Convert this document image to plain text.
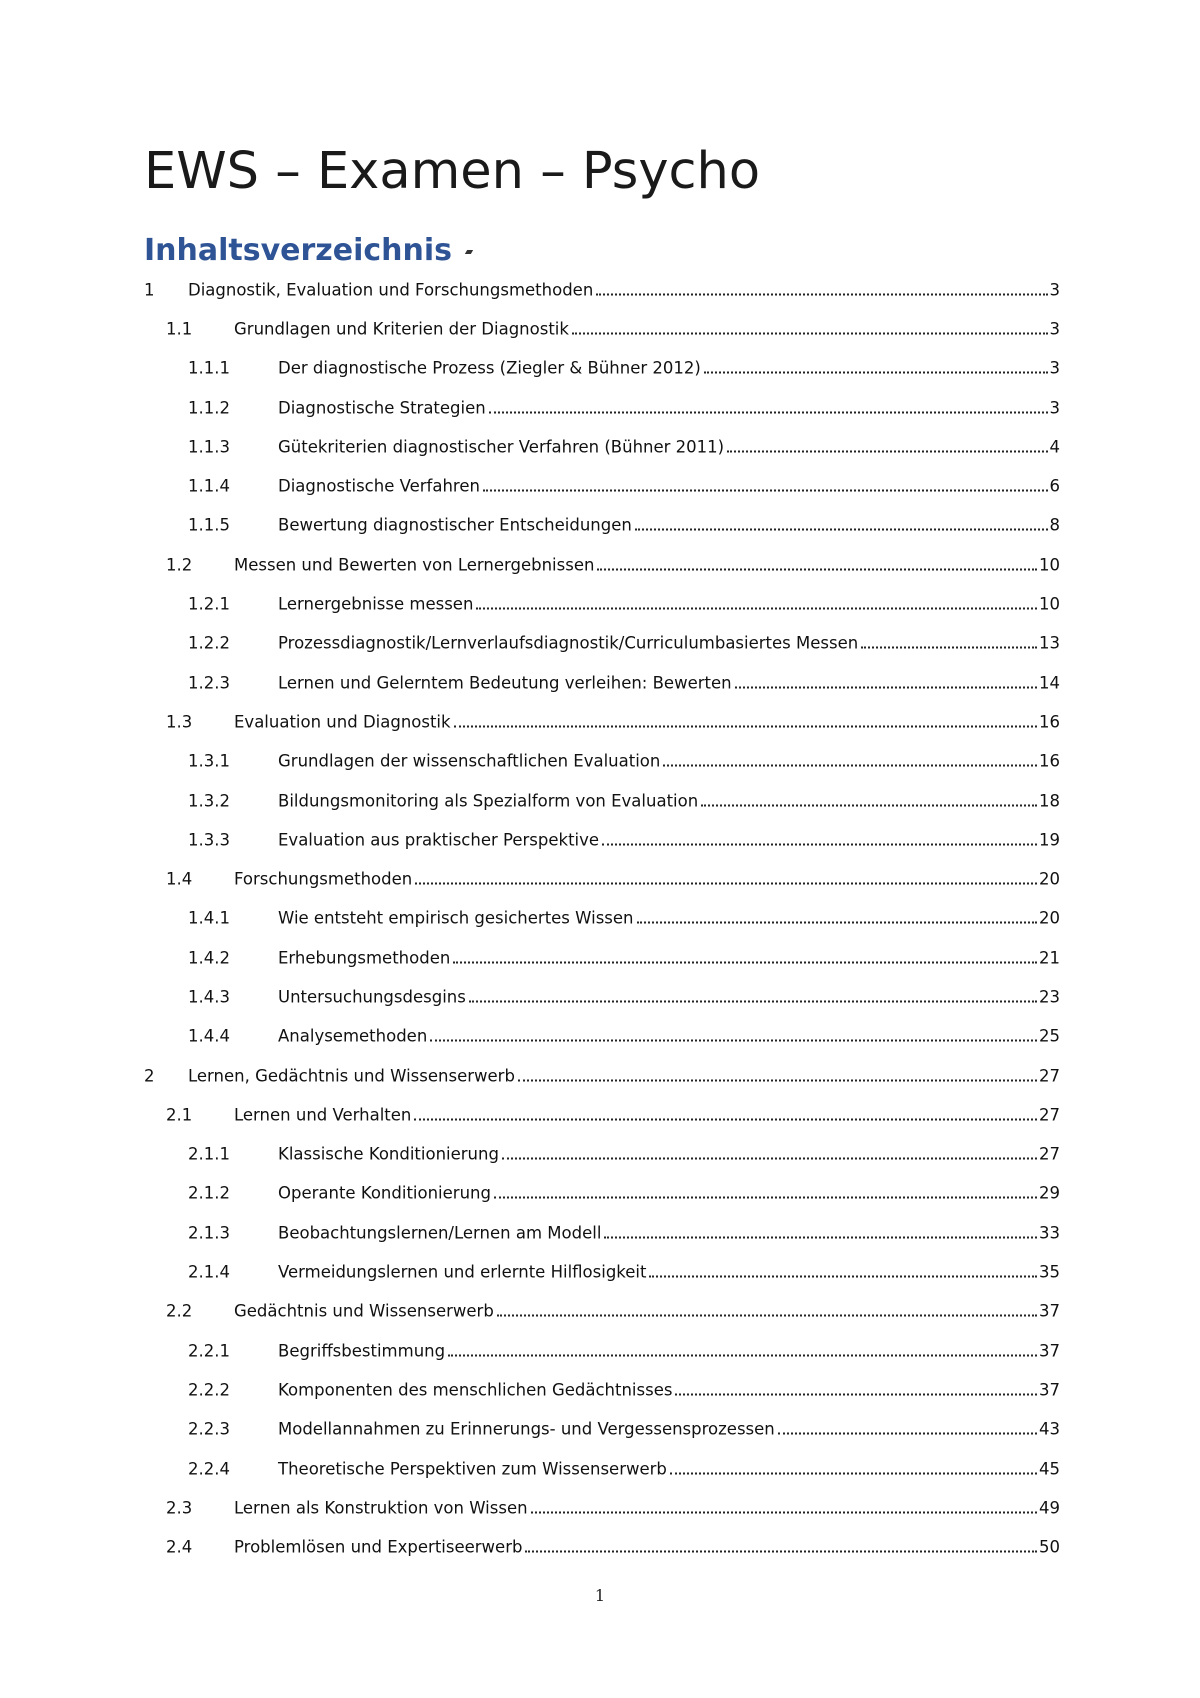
EWS – Examen – Psycho
Inhaltsverzeichnis
1 Diagnostik, Evaluation und Forschungsmethoden	3
1.1	Grundlagen und Kriterien der Diagnostik	3
1.1.1	Der diagnostische Prozess (Ziegler & Bühner 2012)	3
1.1.2	Diagnostische Strategien	3
1.1.3	Gütekriterien diagnostischer Verfahren (Bühner 2011)	4
1.1.4	Diagnostische Verfahren	6
1.1.5	Bewertung diagnostischer Entscheidungen	8
1.2	Messen und Bewerten von Lernergebnissen	10
1.2.1	Lernergebnisse messen	10
1.2.2	Prozessdiagnostik/Lernverlaufsdiagnostik/Curriculumbasiertes Messen	13
1.2.3	Lernen und Gelerntem Bedeutung verleihen: Bewerten	14
1.3	Evaluation und Diagnostik	16
1.3.1	Grundlagen der wissenschaftlichen Evaluation	16
1.3.2	Bildungsmonitoring als Spezialform von Evaluation	18
1.3.3	Evaluation aus praktischer Perspektive	19
1.4	Forschungsmethoden	20
1.4.1	Wie entsteht empirisch gesichertes Wissen	20
1.4.2	Erhebungsmethoden	21
1.4.3	Untersuchungsdesgins	23
1.4.4	Analysemethoden	25
2 Lernen, Gedächtnis und Wissenserwerb	27
2.1	Lernen und Verhalten	27
2.1.1	Klassische Konditionierung	27
2.1.2	Operante Konditionierung	29
2.1.3	Beobachtungslernen/Lernen am Modell	33
2.1.4	Vermeidungslernen und erlernte Hilflosigkeit	35
2.2	Gedächtnis und Wissenserwerb	37
2.2.1	Begriffsbestimmung	37
2.2.2	Komponenten des menschlichen Gedächtnisses	37
2.2.3	Modellannahmen zu Erinnerungs- und Vergessensprozessen	43
2.2.4	Theoretische Perspektiven zum Wissenserwerb	45
2.3	Lernen als Konstruktion von Wissen	49
2.4	Problemlösen und Expertiseerwerb	50
1
